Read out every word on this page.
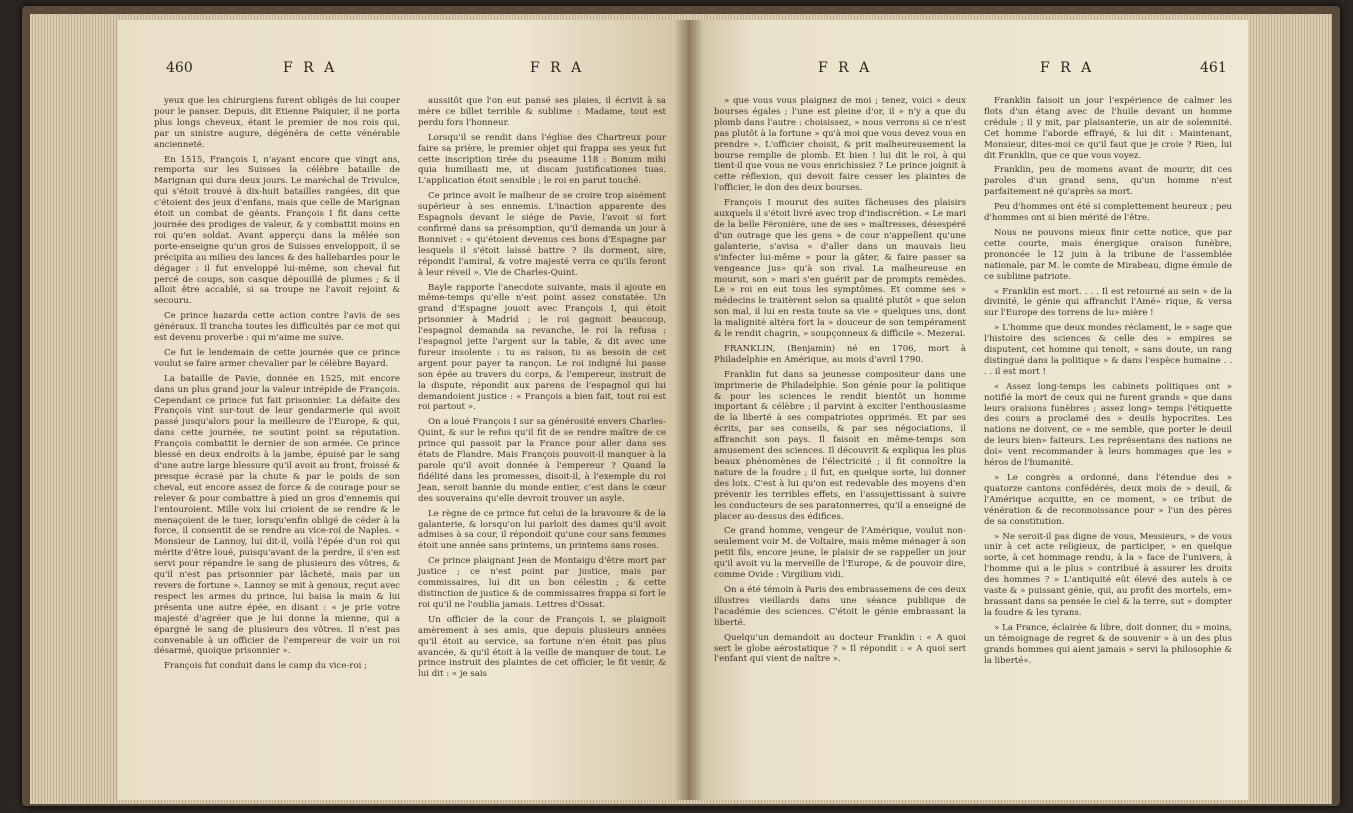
460	F R A	F R A

yeux que les chirurgiens furent obligés de lui couper pour le panser. Depuis, dit Etienne Paiquier, il ne porta plus longs cheveux, étant le premier de nos rois qui, par un sinistre augure, dégénéra de cette vénérable ancienneté.

En 1515, François I, n'ayant encore que vingt ans, remporta sur les Suisses la célèbre bataille de Marignan qui dura deux jours. Le maréchal de Trivulce, qui s'étoit trouvé à dix-huit batailles rangées, dit que c'étoient des jeux d'enfans, mais que celle de Marignan étoit un combat de géants. François I fit dans cette journée des prodiges de valeur, & y combattit moins en roi qu'en soldat. Avant apperçu dans la mêlée son porte-enseigne qu'un gros de Suisses enveloppoit, il se précipita au milieu des lances & des hallebardes pour le dégager : il fut enveloppé lui-même, son cheval fut percé de coups, son casque dépouillé de plumes ; & il alloit être accablé, si sa troupe ne l'avoit rejoint & secouru.

Ce prince hazarda cette action contre l'avis de ses généraux. Il trancha toutes les difficultés par ce mot qui est devenu proverbe : qui m'aime me suive.

Ce fut le lendemain de cette journée que ce prince voulut se faire armer chevalier par le célèbre Bayard.

La bataille de Pavie, donnée en 1525, mit encore dans un plus grand jour la valeur intrépide de François. Cependant ce prince fut fait prisonnier. La défaite des François vint sur-tout de leur gendarmerie qui avoit passé jusqu'alors pour la meilleure de l'Europe, & qui, dans cette journée, ne soutint point sa réputation. François combattit le dernier de son armée. Ce prince blessé en deux endroits à la jambe, épuisé par le sang d'une autre large blessure qu'il avoit au front, froissé & presque écrasé par la chute & par le poids de son cheval, eut encore assez de force & de courage pour se relever & pour combattre à pied un gros d'ennemis qui l'entouroient. Mille voix lui crioient de se rendre & le menaçoient de le tuer, lorsqu'enfin obligé de céder à la force, il consentit de se rendre au vice-roi de Naples. « Monsieur de Lannoy, lui dit-il, voilà l'épée d'un roi qui mérite d'être loué, puisqu'avant de la perdre, il s'en est servi pour répandre le sang de plusieurs des vôtres, & qu'il n'est pas prisonnier par lâcheté, mais par un revers de fortune ». Lannoy se mit à genoux, reçut avec respect les armes du prince, lui baisa la main & lui présenta une autre épée, en disant : « je prie votre majesté d'agréer que je lui donne la mienne, qui a épargné le sang de plusieurs des vôtres. Il n'est pas convenable à un officier de l'empereur de voir un roi désarmé, quoique prisonnier ».

François fut conduit dans le camp du vice-roi ;

aussitôt que l'on eut pansé ses plaies, il écrivit à sa mère ce billet terrible & sublime : Madame, tout est perdu fors l'honneur.

Lorsqu'il se rendit dans l'église des Chartreux pour faire sa prière, le premier objet qui frappa ses yeux fut cette inscription tirée du pseaume 118 : Bonum mihi quia humiliasti me, ut discam justificationes tuas. L'application étoit sensible ; le roi en parut touché.

Ce prince avoit le malheur de se croire trop aisément supérieur à ses ennemis. L'inaction apparente des Espagnols devant le siége de Pavie, l'avoit si fort confirmé dans sa présomption, qu'il demanda un jour à Bonnivet : « qu'étoient devenus ces bons d'Espagne par lesquels il s'étoit laissé battre ? ils dorment, sire, répondit l'amiral, & votre majesté verra ce qu'ils feront à leur réveil ». Vie de Charles-Quint.

Bayle rapporte l'anecdote suivante, mais il ajoute en même-temps qu'elle n'est point assez constatée. Un grand d'Espagne jouoit avec François I, qui étoit prisonnier à Madrid ; le roi gagnoit beaucoup, l'espagnol demanda sa revanche, le roi la refusa ; l'espagnol jette l'argent sur la table, & dit avec une fureur insolente : tu as raison, tu as besoin de cet argent pour payer ta rançon. Le roi indigné lui passe son épée au travers du corps, & l'empereur, instruit de la dispute, répondit aux parens de l'espagnol qui lui demandoient justice : « François a bien fait, tout roi est roi partout ».

On a loué François I sur sa générosité envers Charles-Quint, & sur le refus qu'il fit de se rendre maître de ce prince qui passoit par la France pour aller dans ses états de Flandre. Mais François pouvoit-il manquer à la parole qu'il avoit donnée à l'empereur ? Quand la fidélité dans les promesses, disoit-il, à l'exemple du roi Jean, seroit bannie du monde entier, c'est dans le cœur des souverains qu'elle devroit trouver un asyle.

Le règne de ce prince fut celui de la bravoure & de la galanterie, & lorsqu'on lui parloit des dames qu'il avoit admises à sa cour, il répondoit qu'une cour sans femmes étoit une année sans printems, un printems sans roses.

Ce prince plaignant Jean de Montaigu d'être mort par justice ; ce n'est point par justice, mais par commissaires, lui dit un bon célestin ; & cette distinction de justice & de commissaires frappa si fort le roi qu'il ne l'oublia jamais. Lettres d'Ossat.

Un officier de la cour de François I, se plaignoit amèrement à ses amis, que depuis plusieurs années qu'il étoit au service, sa fortune n'en étoit pas plus avancée, & qu'il étoit à la veille de manquer de tout. Le prince instruit des plaintes de cet officier, le fit venir, & lui dit : « je sais

F R A	F R A	461

» que vous vous plaignez de moi ; tenez, voici » deux bourses égales ; l'une est pleine d'or, il » n'y a que du plomb dans l'autre : choisissez, » nous verrons si ce n'est pas plutôt à la fortune » qu'à moi que vous devez vous en prendre ». L'officier choisit, & prit malheureusement la bourse remplie de plomb. Et bien ! lui dit le roi, à qui tient-il que vous ne vous enrichissiez ? Le prince joignit à cette réflexion, qui devoit faire cesser les plaintes de l'officier, le don des deux bourses.

François I mourut des suites fâcheuses des plaisirs auxquels il s'étoit livré avec trop d'indiscrétion. « Le mari de la belle Féronière, une de ses » maîtresses, désespéré d'un outrage que les gens » de cour n'appellent qu'une galanterie, s'avisa » d'aller dans un mauvais lieu s'infecter lui-même » pour la gâter, & faire passer sa vengeance jus» qu'à son rival. La malheureuse en mourut, son » mari s'en guérit par de prompts remèdes. Le » roi en eut tous les symptômes. Et comme ses » médecins le traitèrent selon sa qualité plutôt » que selon son mal, il lui en resta toute sa vie » quelques uns, dont la malignité altéra fort la » douceur de son tempérament & le rendit chagrin, » soupçonneux & difficile ». Mezerai.

FRANKLIN, (Benjamin) né en 1706, mort à Philadelphie en Amérique, au mois d'avril 1790.

Franklin fut dans sa jeunesse compositeur dans une imprimerie de Philadelphie. Son génie pour la politique & pour les sciences le rendit bientôt un homme important & célèbre ; il parvint à exciter l'enthousiasme de la liberté à ses compatriotes opprimés. Et par ses écrits, par ses conseils, & par ses négociations, il affranchit son pays. Il faisoit en même-temps son amusement des sciences. Il découvrit & expliqua les plus beaux phénomènes de l'électricité ; il fit connoître la nature de la foudre ; il fut, en quelque sorte, lui donner des loix. C'est à lui qu'on est redevable des moyens d'en prévenir les terribles effets, en l'assujettissant à suivre les conducteurs de ses paratonnerres, qu'il a enseigné de placer au-dessus des édifices.

Ce grand homme, vengeur de l'Amérique, voulut non-seulement voir M. de Voltaire, mais même ménager à son petit fils, encore jeune, le plaisir de se rappeller un jour qu'il avoit vu la merveille de l'Europe, & de pouvoir dire, comme Ovide : Virgilium vidi.

On a été témoin à Paris des embrassemens de ces deux illustres vieillards dans une séance publique de l'académie des sciences. C'étoit le génie embrassant la liberté.

Quelqu'un demandoit au docteur Franklin : « A quoi sert le globe aérostatique ? » Il répondit : « A quoi sert l'enfant qui vient de naître ».

Franklin faisoit un jour l'expérience de calmer les flots d'un étang avec de l'huile devant un homme crédule ; il y mit, par plaisanterie, un air de solemnité. Cet homme l'aborde effrayé, & lui dit : Maintenant, Monsieur, dites-moi ce qu'il faut que je croie ? Rien, lui dit Franklin, que ce que vous voyez.

Franklin, peu de momens avant de mourir, dit ces paroles d'un grand sens, qu'un homme n'est parfaitement né qu'après sa mort.

Peu d'hommes ont été si complettement heureux ; peu d'hommes ont si bien mérité de l'être.

Nous ne pouvons mieux finir cette notice, que par cette courte, mais énergique oraison funèbre, prononcée le 12 juin à la tribune de l'assemblée nationale, par M. le comte de Mirabeau, digne émule de ce sublime patriote.

« Franklin est mort. . . . Il est retourné au sein » de la divinité, le génie qui affranchit l'Amé» rique, & versa sur l'Europe des torrens de lu» mière !

» L'homme que deux mondes réclament, le » sage que l'histoire des sciences & celle des » empires se disputent, cet homme qui tenoit, » sans doute, un rang distingué dans la politique » & dans l'espèce humaine . . . . il est mort !

« Assez long-temps les cabinets politiques ont » notifié la mort de ceux qui ne furent grands » que dans leurs oraisons funèbres ; assez long» temps l'étiquette des cours a proclamé des » deuils hypocrites. Les nations ne doivent, ce » me semble, que porter le deuil de leurs bien» faiteurs. Les représentans des nations ne doi» vent recommander à leurs hommages que les » héros de l'humanité.

» Le congrès a ordonné, dans l'étendue des » quatorze cantons confédérés, deux mois de » deuil, & l'Amérique acquitte, en ce moment, » ce tribut de vénération & de reconnoissance pour » l'un des pères de sa constitution.

» Ne seroit-il pas digne de vous, Messieurs, » de vous unir à cet acte religieux, de participer, » en quelque sorte, à cet hommage rendu, à la » face de l'univers, à l'homme qui a le plus » contribué à assurer les droits des hommes ? » L'antiquité eût élevé des autels à ce vaste & » puissant génie, qui, au profit des mortels, em» brassant dans sa pensée le ciel & la terre, sut » dompter la foudre & les tyrans.

» La France, éclairée & libre, doit donner, du » moins, un témoignage de regret & de souvenir » à un des plus grands hommes qui aient jamais » servi la philosophie & la liberté».
